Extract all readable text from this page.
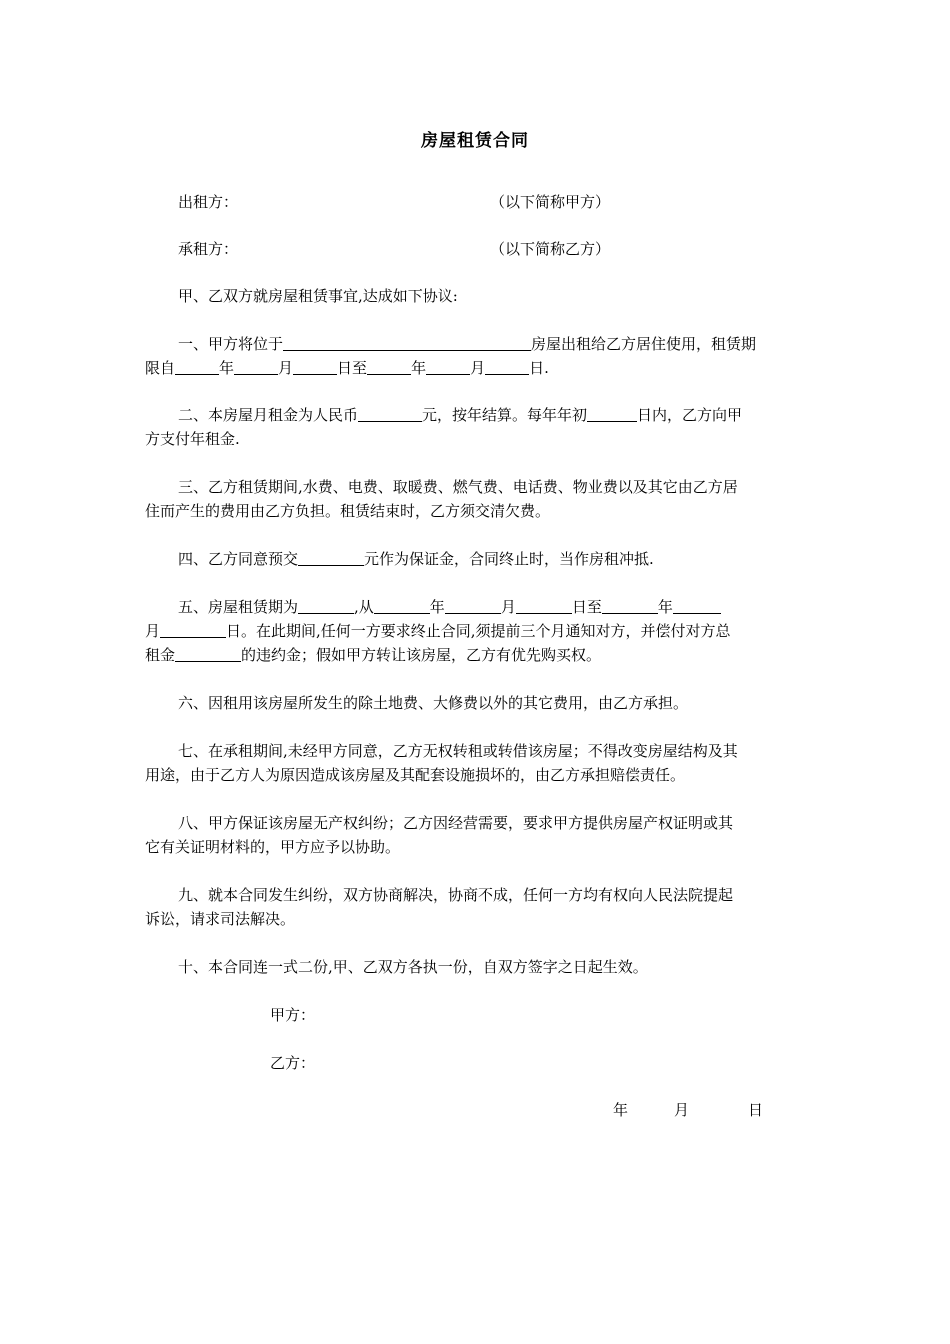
房屋租赁合同
出租方：	（以下简称甲方）
承租方：	（以下简称乙方）
甲、乙双方就房屋租赁事宜,达成如下协议:
一、甲方将位于	房屋出租给乙方居住使用，租赁期
限自	年	月	日至	年	月	日.
二、本房屋月租金为人民币	元，按年结算。每年年初	日内，乙方向甲
方支付年租金.
三、乙方租赁期间,水费、电费、取暖费、燃气费、电话费、物业费以及其它由乙方居
住而产生的费用由乙方负担。租赁结束时，乙方须交清欠费。
四、乙方同意预交	元作为保证金，合同终止时，当作房租冲抵.
五、房屋租赁期为	,从	年	月	日至	年
月	日。在此期间,任何一方要求终止合同,须提前三个月通知对方，并偿付对方总
租金	的违约金；假如甲方转让该房屋，乙方有优先购买权。
六、因租用该房屋所发生的除土地费、大修费以外的其它费用，由乙方承担。
七、在承租期间,未经甲方同意，乙方无权转租或转借该房屋；不得改变房屋结构及其
用途，由于乙方人为原因造成该房屋及其配套设施损坏的，由乙方承担赔偿责任。
八、甲方保证该房屋无产权纠纷；乙方因经营需要，要求甲方提供房屋产权证明或其
它有关证明材料的，甲方应予以协助。
九、就本合同发生纠纷，双方协商解决，协商不成，任何一方均有权向人民法院提起
诉讼，请求司法解决。
十、本合同连一式二份,甲、乙双方各执一份，自双方签字之日起生效。
甲方：
乙方：
年	月	日
